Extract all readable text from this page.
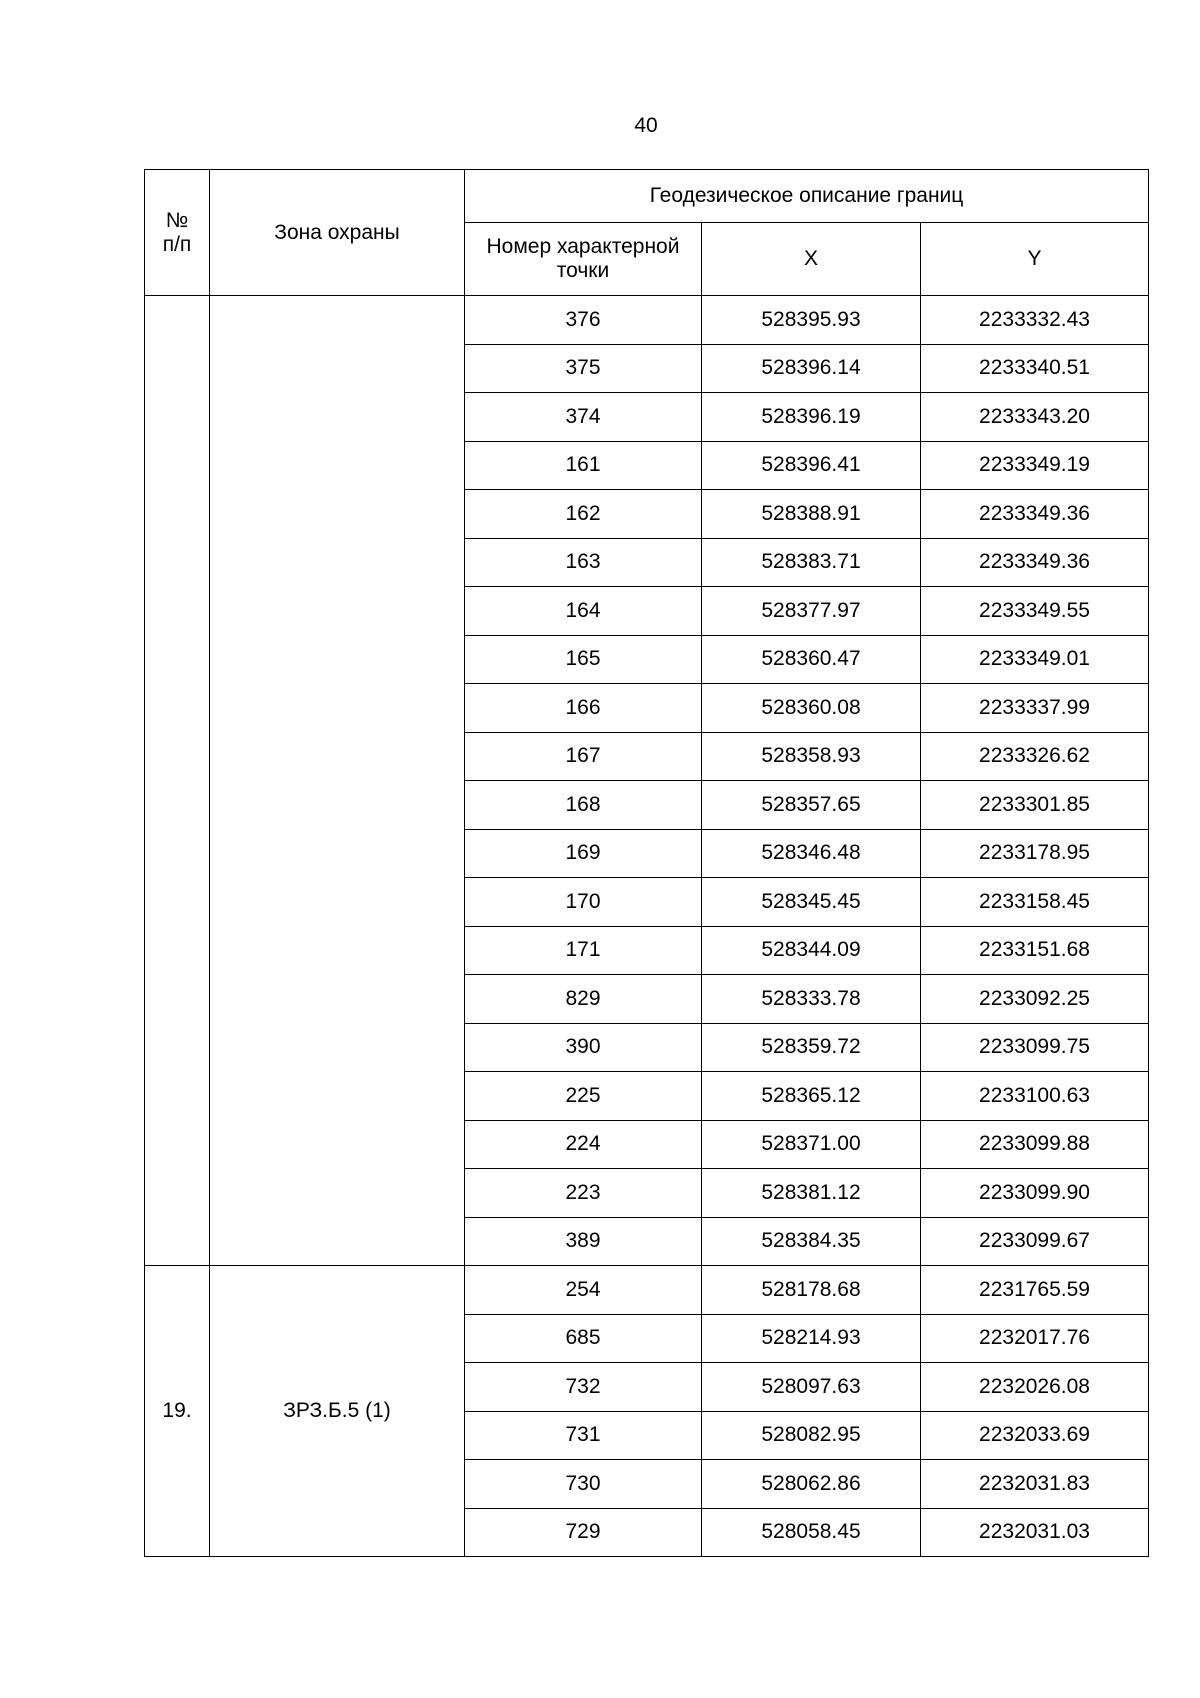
40
№
п/п	Зона охраны	Геодезическое описание границ		
		Номер характерной точки	X	Y
		376	528395.93	2233332.43
		375	528396.14	2233340.51
		374	528396.19	2233343.20
		161	528396.41	2233349.19
		162	528388.91	2233349.36
		163	528383.71	2233349.36
		164	528377.97	2233349.55
		165	528360.47	2233349.01
		166	528360.08	2233337.99
		167	528358.93	2233326.62
		168	528357.65	2233301.85
		169	528346.48	2233178.95
		170	528345.45	2233158.45
		171	528344.09	2233151.68
		829	528333.78	2233092.25
		390	528359.72	2233099.75
		225	528365.12	2233100.63
		224	528371.00	2233099.88
		223	528381.12	2233099.90
		389	528384.35	2233099.67
19.	ЗРЗ.Б.5 (1)	254	528178.68	2231765.59
		685	528214.93	2232017.76
		732	528097.63	2232026.08
		731	528082.95	2232033.69
		730	528062.86	2232031.83
		729	528058.45	2232031.03
